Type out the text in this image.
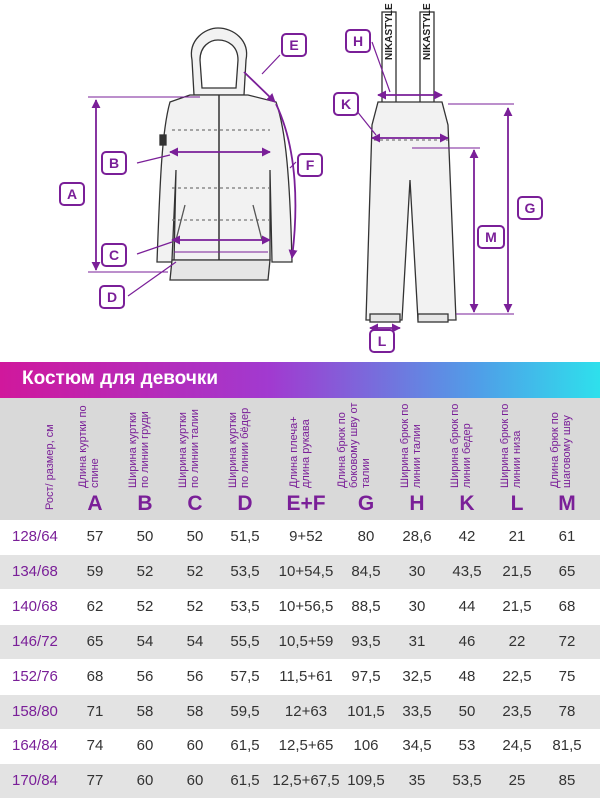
NIKASTYLE	NIKASTYLE
A
B
C
D
E
F
G
H
K
L
M
Костюм для девочки
Рост/ размер, см Длина куртки по спине
A
Ширина куртки по линии груди
B
Ширина куртки по линии талии
C
Ширина куртки по линии бёдер
D
Длина плеча+ длина рукава
E+F
Длина брюк по боковому шву от талии
G
Ширина брюк по линии талии
H
Ширина брюк по линии бедер
K
Ширина брюк по линии низа
L
Длина брюк по шаговому шву
M
128/64	57	50	50	51,5	9+52	80	28,6	42	21	61
134/68	59	52	52	53,5	10+54,5	84,5	30	43,5	21,5	65
140/68	62	52	52	53,5	10+56,5	88,5	30	44	21,5	68
146/72	65	54	54	55,5	10,5+59	93,5	31	46	22	72
152/76	68	56	56	57,5	11,5+61	97,5	32,5	48	22,5	75
158/80	71	58	58	59,5	12+63	101,5	33,5	50	23,5	78
164/84	74	60	60	61,5	12,5+65	106	34,5	53	24,5	81,5
170/84	77	60	60	61,5 12,5+67,5 109,5	35	53,5	25	85
